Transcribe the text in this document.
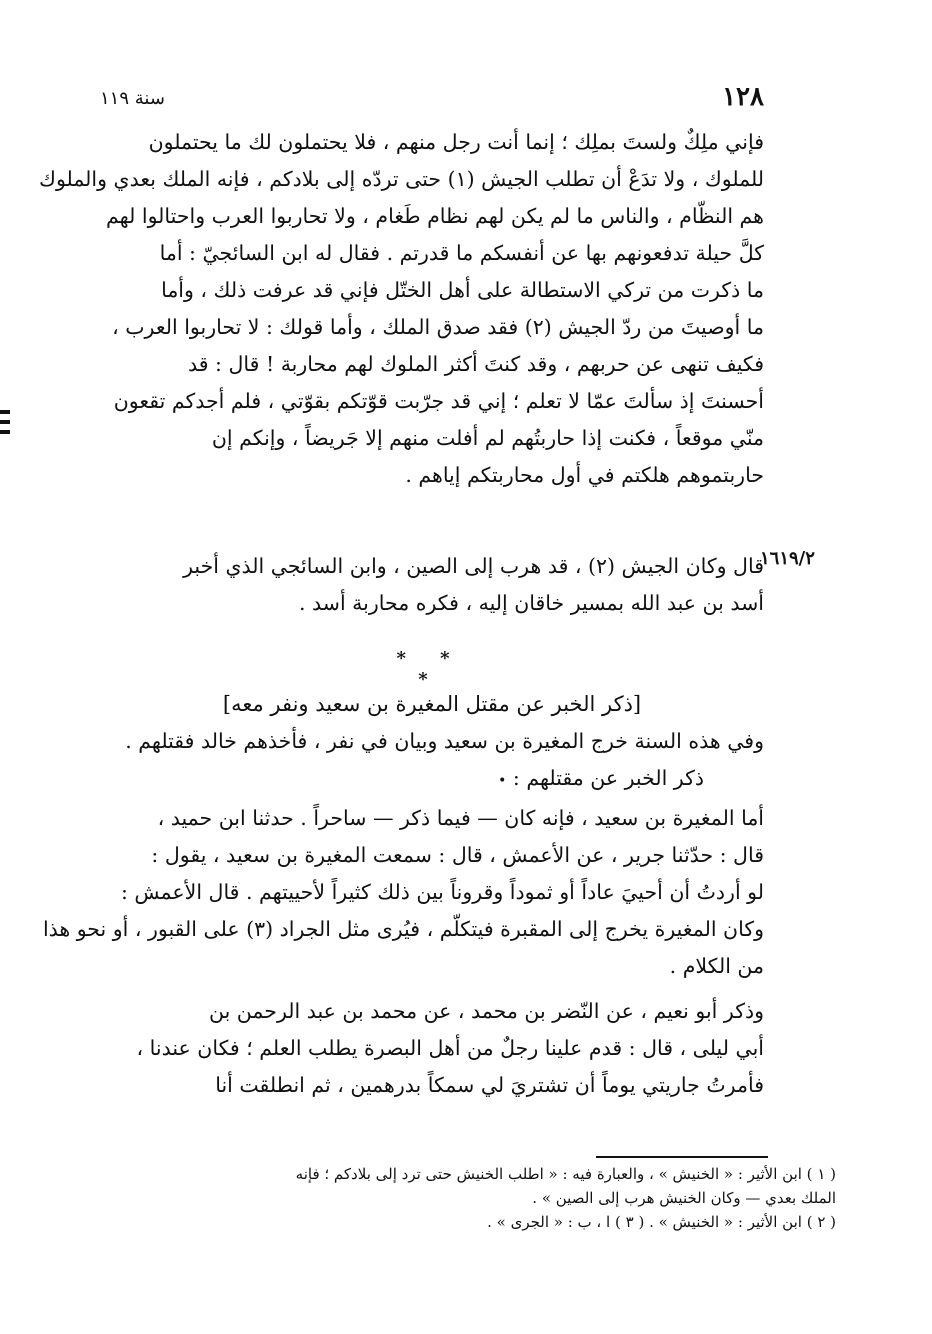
١٢٨
سنة ١١٩
فإني ملِكٌ ولستَ بملِك ؛ إنما أنت رجل منهم ، فلا يحتملون لك ما يحتملون
للملوك ، ولا تدَعْ أن تطلب الجيش (١) حتى تردّه إلى بلادكم ، فإنه الملك بعدي والملوك
هم النظّام ، والناس ما لم يكن لهم نظام طَغام ، ولا تحاربوا العرب واحتالوا لهم
كلَّ حيلة تدفعونهم بها عن أنفسكم ما قدرتم . فقال له ابن السائجيّ : أما
ما ذكرت من تركي الاستطالة على أهل الختّل فإني قد عرفت ذلك ، وأما
ما أوصيتَ من ردّ الجيش (٢) فقد صدق الملك ، وأما قولك : لا تحاربوا العرب ،
فكيف تنهى عن حربهم ، وقد كنتَ أكثر الملوك لهم محاربة ! قال : قد
أحسنتَ إذ سألتَ عمّا لا تعلم ؛ إني قد جرّبت قوّتكم بقوّتي ، فلم أجدكم تقعون
منّي موقعاً ، فكنت إذا حاربتُهم لم أفلت منهم إلا جَريضاً ، وإنكم إن
حاربتموهم هلكتم في أول محاربتكم إياهم .
١٦١٩/٢
قال وكان الجيش (٢) ، قد هرب إلى الصين ، وابن السائجي الذي أخبر
أسد بن عبد الله بمسير خاقان إليه ، فكره محاربة أسد .
* * *
[ذكر الخبر عن مقتل المغيرة بن سعيد ونفر معه]
وفي هذه السنة خرج المغيرة بن سعيد وبيان في نفر ، فأخذهم خالد فقتلهم .
ذكر الخبر عن مقتلهم : •
أما المغيرة بن سعيد ، فإنه كان — فيما ذكر — ساحراً . حدثنا ابن حميد ،
قال : حدّثنا جرير ، عن الأعمش ، قال : سمعت المغيرة بن سعيد ، يقول :
لو أردتُ أن أحييَ عاداً أو ثموداً وقروناً بين ذلك كثيراً لأحييتهم . قال الأعمش :
وكان المغيرة يخرج إلى المقبرة فيتكلّم ، فيُرى مثل الجراد (٣) على القبور ، أو نحو هذا
من الكلام .
وذكر أبو نعيم ، عن النّضر بن محمد ، عن محمد بن عبد الرحمن بن
أبي ليلى ، قال : قدم علينا رجلٌ من أهل البصرة يطلب العلم ؛ فكان عندنا ،
فأمرتُ جاريتي يوماً أن تشتريَ لي سمكاً بدرهمين ، ثم انطلقت أنا
( ١ ) ابن الأثير : « الخنيش » ، والعبارة فيه : « اطلب الخنيش حتى ترد إلى بلادكم ؛ فإنه
الملك بعدي — وكان الخنيش هرب إلى الصين » .
( ٢ ) ابن الأثير : « الخنيش » . ( ٣ ) ا ، ب : « الجرى » .
